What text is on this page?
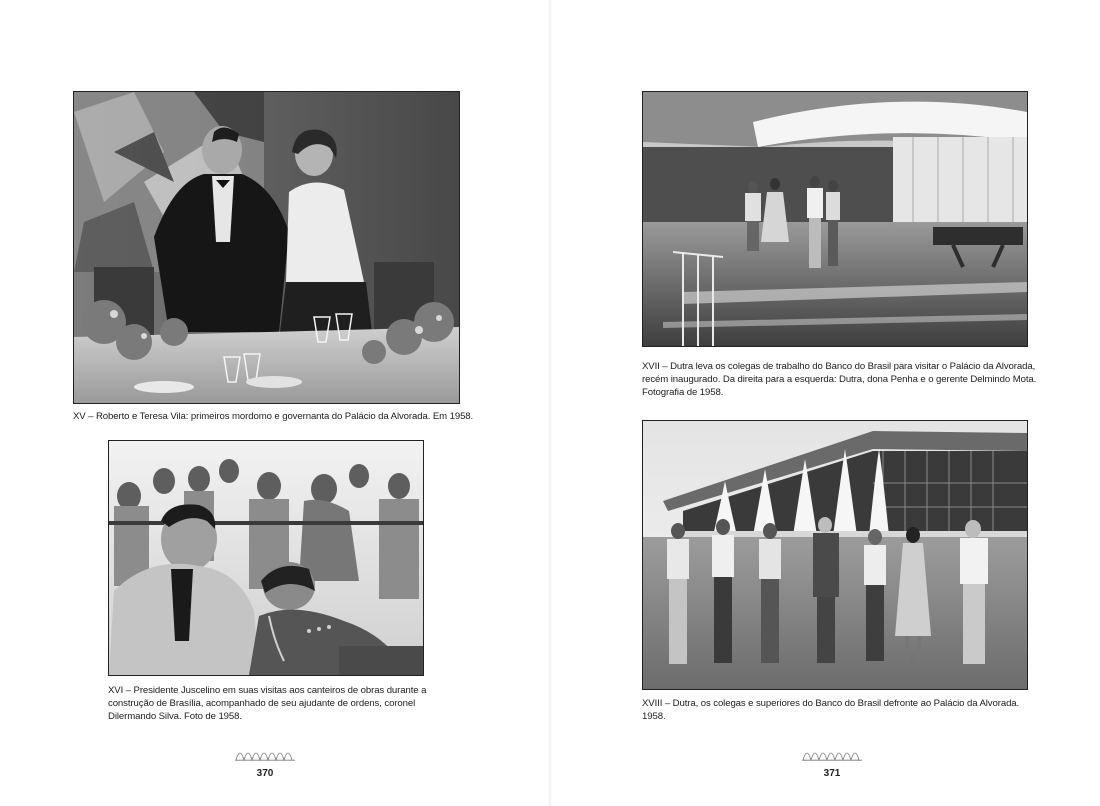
XV – Roberto e Teresa Vila: primeiros mordomo e governanta do Palácio da Alvorada. Em 1958.
XVI – Presidente Juscelino em suas visitas aos canteiros de obras durante a
construção de Brasília, acompanhado de seu ajudante de ordens, coronel
Dilermando Silva. Foto de 1958.
370
XVII – Dutra leva os colegas de trabalho do Banco do Brasil para visitar o Palácio da Alvorada,
recém inaugurado. Da direita para a esquerda: Dutra, dona Penha e o gerente Delmindo Mota.
Fotografia de 1958.
XVIII – Dutra, os colegas e superiores do Banco do Brasil defronte ao Palácio da Alvorada.
1958.
371
